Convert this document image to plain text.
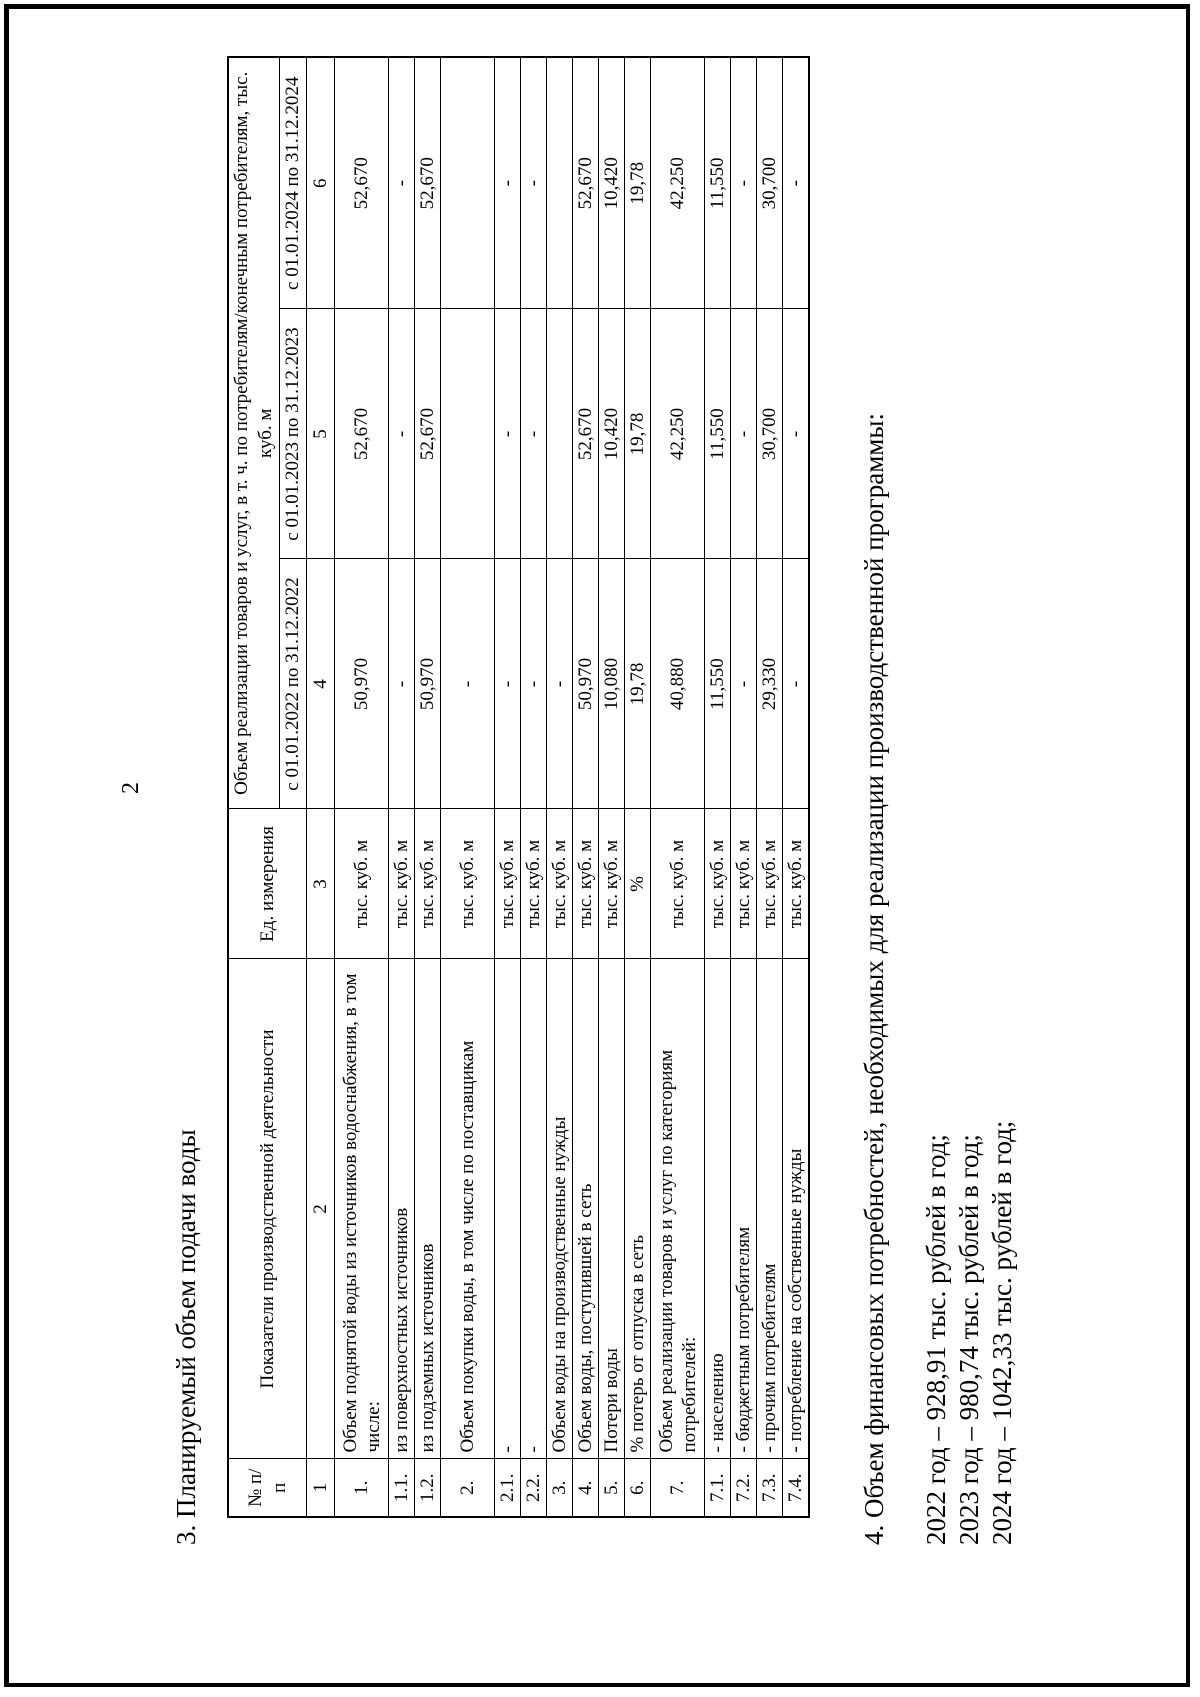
2
3. Планируемый объем подачи воды № п/п	Показатели производственной деятельности	Ед. измерения	Объем реализации товаров и услуг, в т. ч. по потребителям/конечным потребителям, тыс. куб. м		
			с 01.01.2022 по 31.12.2022	с 01.01.2023 по 31.12.2023	с 01.01.2024 по 31.12.2024
1	2	3	4	5	6
1.	Объем поднятой воды из источников водоснабжения, в том числе:	тыс. куб. м	50,970	52,670	52,670
1.1.	из поверхностных источников	тыс. куб. м	-	-	-
1.2.	из подземных источников	тыс. куб. м	50,970	52,670	52,670
2.	Объем покупки воды, в том числе по поставщикам	тыс. куб. м	-		
2.1.	-	тыс. куб. м	-	-	-
2.2.	-	тыс. куб. м	-	-	-
3.	Объем воды на производственные нужды	тыс. куб. м	-		
4.	Объем воды, поступившей в сеть	тыс. куб. м	50,970	52,670	52,670
5.	Потери воды	тыс. куб. м	10,080	10,420	10,420
6.	% потерь от отпуска в сеть	%	19,78	19,78	19,78
7.	Объем реализации товаров и услуг по категориям потребителей:	тыс. куб. м	40,880	42,250	42,250
7.1.	- населению	тыс. куб. м	11,550	11,550	11,550
7.2.	- бюджетным потребителям	тыс. куб. м	-	-	-
7.3.	- прочим потребителям	тыс. куб. м	29,330	30,700	30,700
7.4.	- потребление на собственные нужды	тыс. куб. м	-	-	-
4. Объем финансовых потребностей, необходимых для реализации производственной программы: 2022 год – 928,91 тыс. рублей в год; 2023 год – 980,74 тыс. рублей в год; 2024 год – 1042,33 тыс. рублей в год;
